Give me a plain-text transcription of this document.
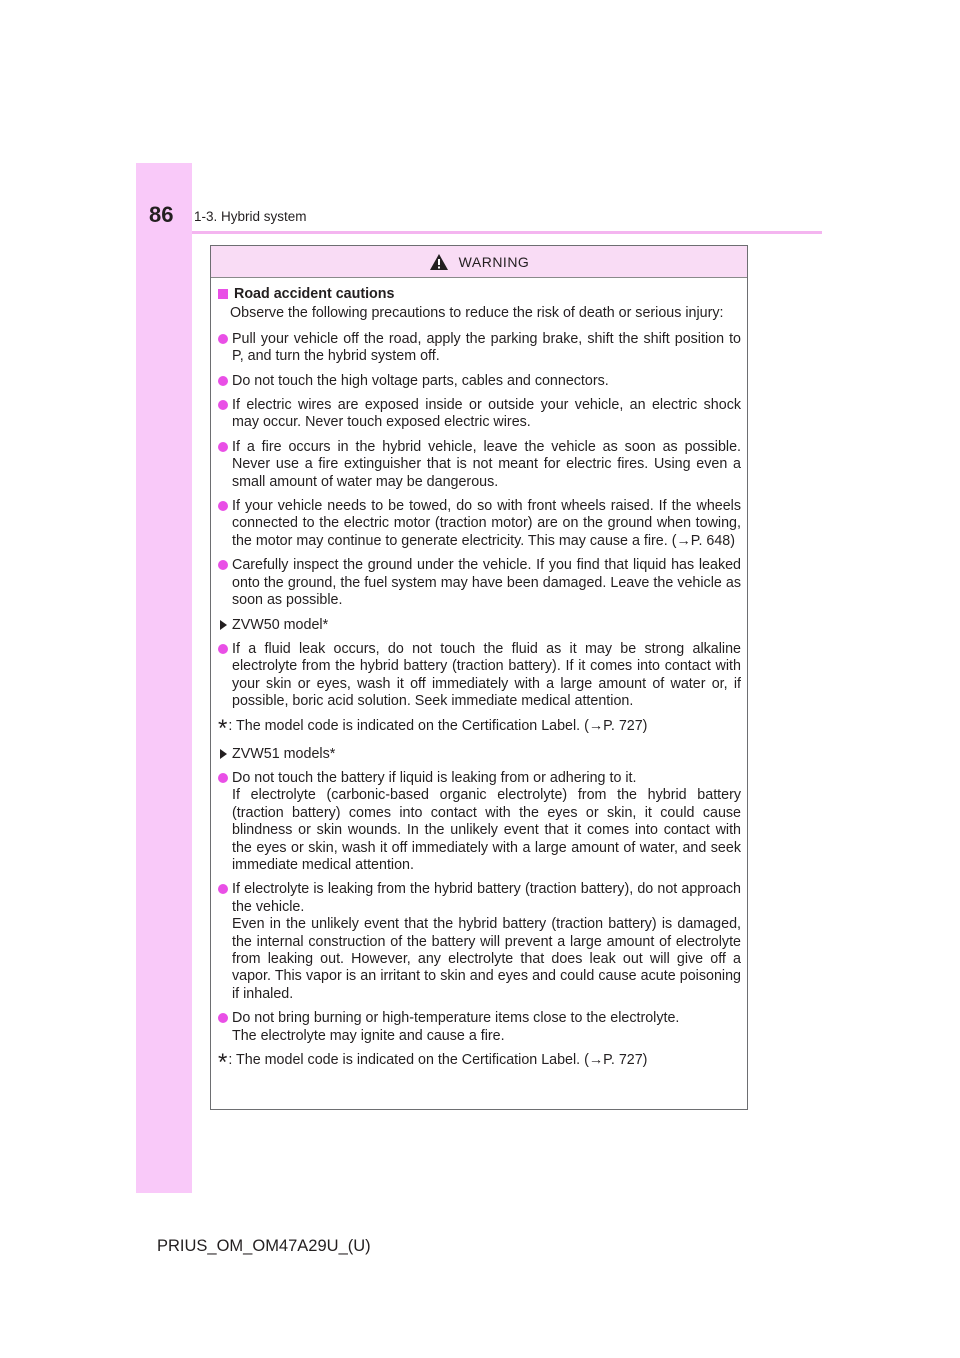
86 1-3. Hybrid system
WARNING
Road accident cautions
Observe the following precautions to reduce the risk of death or serious injury:
Pull your vehicle off the road, apply the parking brake, shift the shift position to P, and turn the hybrid system off.
Do not touch the high voltage parts, cables and connectors.
If electric wires are exposed inside or outside your vehicle, an electric shock may occur. Never touch exposed electric wires.
If a fire occurs in the hybrid vehicle, leave the vehicle as soon as possible. Never use a fire extinguisher that is not meant for electric fires. Using even a small amount of water may be dangerous.
If your vehicle needs to be towed, do so with front wheels raised. If the wheels connected to the electric motor (traction motor) are on the ground when towing, the motor may continue to generate electricity. This may cause a fire. (→P. 648)
Carefully inspect the ground under the vehicle. If you find that liquid has leaked onto the ground, the fuel system may have been damaged. Leave the vehicle as soon as possible.
ZVW50 model*
If a fluid leak occurs, do not touch the fluid as it may be strong alkaline electrolyte from the hybrid battery (traction battery). If it comes into contact with your skin or eyes, wash it off immediately with a large amount of water or, if possible, boric acid solution. Seek immediate medical attention.
* : The model code is indicated on the Certification Label. (→P. 727)
ZVW51 models*
Do not touch the battery if liquid is leaking from or adhering to it.
If electrolyte (carbonic-based organic electrolyte) from the hybrid battery (traction battery) comes into contact with the eyes or skin, it could cause blindness or skin wounds. In the unlikely event that it comes into contact with the eyes or skin, wash it off immediately with a large amount of water, and seek immediate medical attention.
If electrolyte is leaking from the hybrid battery (traction battery), do not approach the vehicle.
Even in the unlikely event that the hybrid battery (traction battery) is damaged, the internal construction of the battery will prevent a large amount of electrolyte from leaking out. However, any electrolyte that does leak out will give off a vapor. This vapor is an irritant to skin and eyes and could cause acute poisoning if inhaled.
Do not bring burning or high-temperature items close to the electrolyte.
The electrolyte may ignite and cause a fire.
* : The model code is indicated on the Certification Label. (→P. 727)
PRIUS_OM_OM47A29U_(U)
